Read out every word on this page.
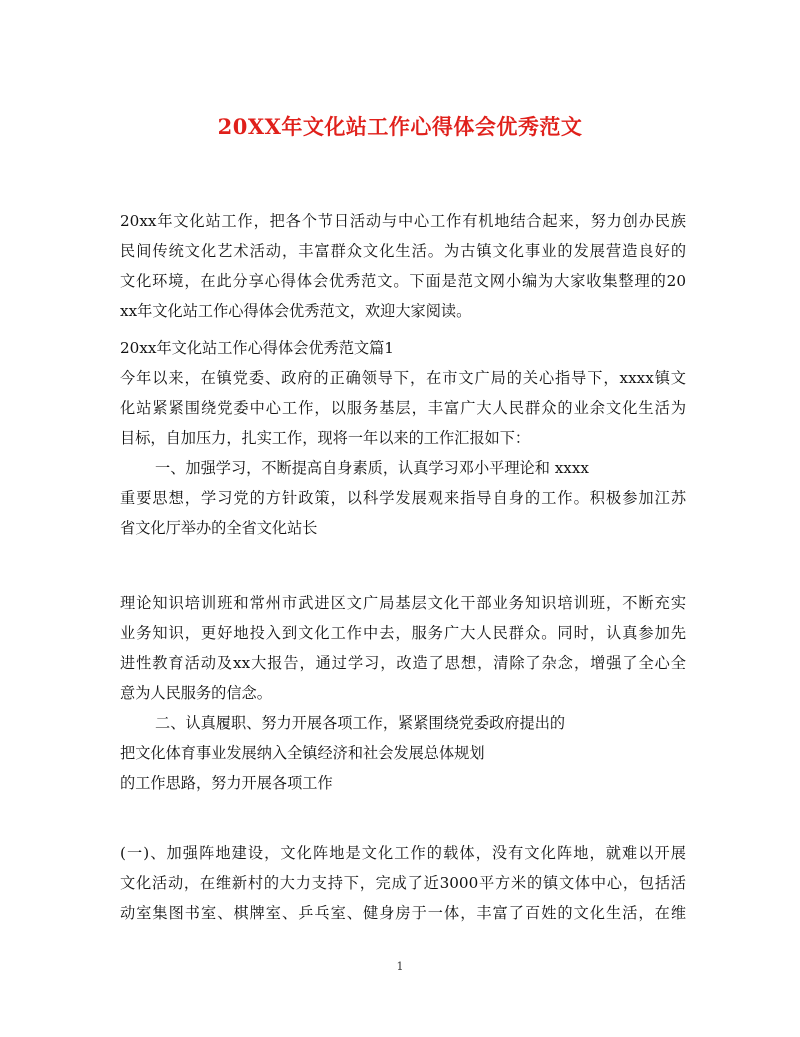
20XX年文化站工作心得体会优秀范文
20xx年文化站工作，把各个节日活动与中心工作有机地结合起来，努力创办民族
民间传统文化艺术活动，丰富群众文化生活。为古镇文化事业的发展营造良好的
文化环境，在此分享心得体会优秀范文。下面是范文网小编为大家收集整理的20
xx年文化站工作心得体会优秀范文，欢迎大家阅读。
20xx年文化站工作心得体会优秀范文篇1
今年以来，在镇党委、政府的正确领导下，在市文广局的关心指导下，xxxx镇文
化站紧紧围绕党委中心工作，以服务基层，丰富广大人民群众的业余文化生活为
目标，自加压力，扎实工作，现将一年以来的工作汇报如下：
一、加强学习，不断提高自身素质，认真学习邓小平理论和 xxxx
重要思想，学习党的方针政策，以科学发展观来指导自身的工作。积极参加江苏
省文化厅举办的全省文化站长
理论知识培训班和常州市武进区文广局基层文化干部业务知识培训班，不断充实
业务知识，更好地投入到文化工作中去，服务广大人民群众。同时，认真参加先
进性教育活动及xx大报告，通过学习，改造了思想，清除了杂念，增强了全心全
意为人民服务的信念。
二、认真履职、努力开展各项工作，紧紧围绕党委政府提出的
把文化体育事业发展纳入全镇经济和社会发展总体规划
的工作思路，努力开展各项工作
(一)、加强阵地建设，文化阵地是文化工作的载体，没有文化阵地，就难以开展
文化活动，在维新村的大力支持下，完成了近3000平方米的镇文体中心，包括活
动室集图书室、棋牌室、乒乓室、健身房于一体，丰富了百姓的文化生活，在维
1
